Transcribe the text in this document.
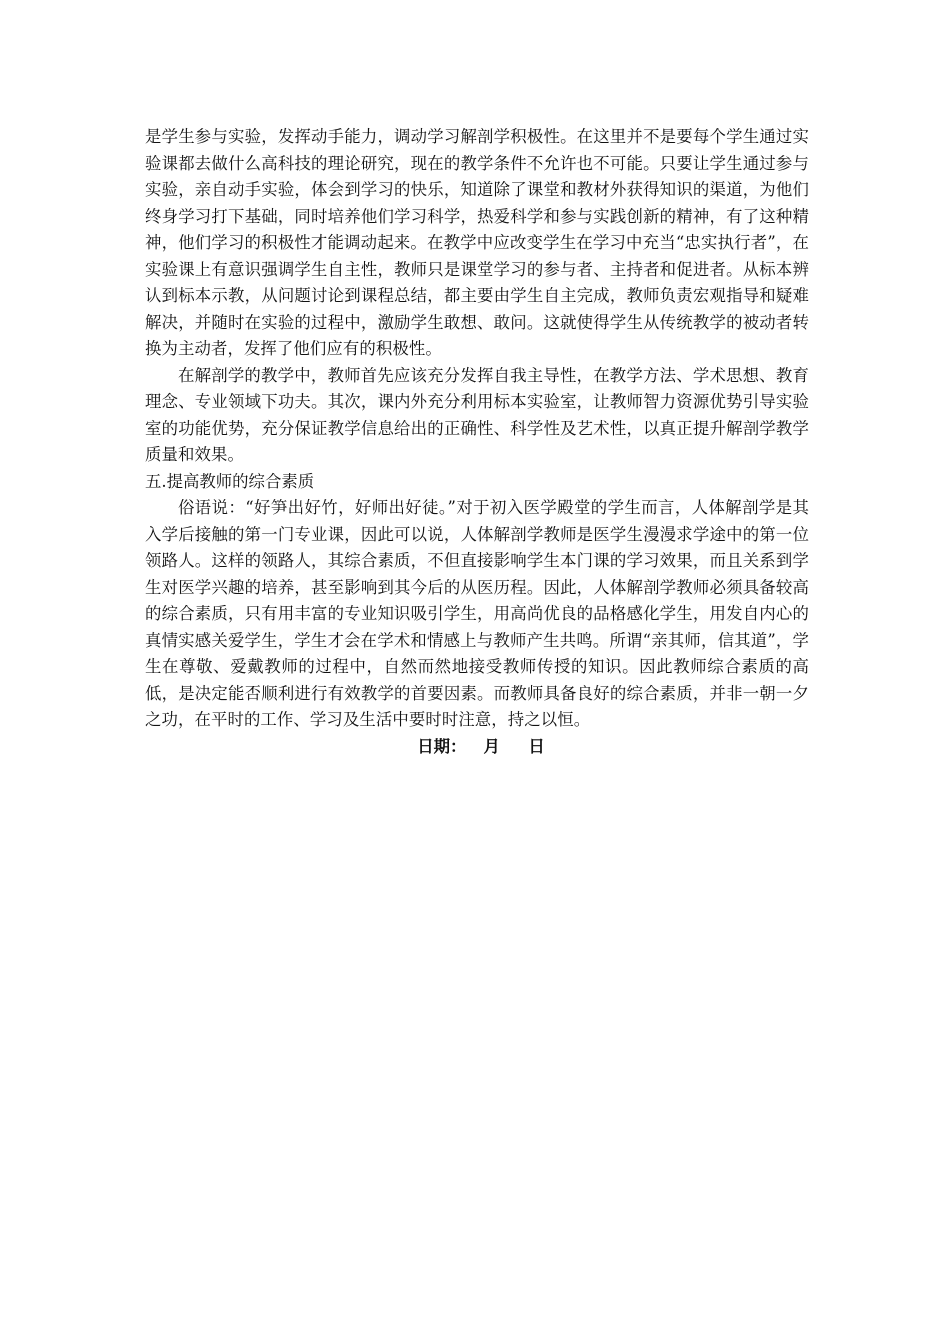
是学生参与实验，发挥动手能力，调动学习解剖学积极性。在这里并不是要每个学生通过实验课都去做什么高科技的理论研究，现在的教学条件不允许也不可能。只要让学生通过参与实验，亲自动手实验，体会到学习的快乐，知道除了课堂和教材外获得知识的渠道，为他们终身学习打下基础，同时培养他们学习科学，热爱科学和参与实践创新的精神，有了这种精神，他们学习的积极性才能调动起来。在教学中应改变学生在学习中充当“忠实执行者”，在实验课上有意识强调学生自主性，教师只是课堂学习的参与者、主持者和促进者。从标本辨认到标本示教，从问题讨论到课程总结，都主要由学生自主完成，教师负责宏观指导和疑难解决，并随时在实验的过程中，激励学生敢想、敢问。这就使得学生从传统教学的被动者转换为主动者，发挥了他们应有的积极性。

在解剖学的教学中，教师首先应该充分发挥自我主导性，在教学方法、学术思想、教育理念、专业领域下功夫。其次，课内外充分利用标本实验室，让教师智力资源优势引导实验室的功能优势，充分保证教学信息给出的正确性、科学性及艺术性，以真正提升解剖学教学质量和效果。

五.提高教师的综合素质

俗语说：“好笋出好竹，好师出好徒。”对于初入医学殿堂的学生而言，人体解剖学是其入学后接触的第一门专业课，因此可以说，人体解剖学教师是医学生漫漫求学途中的第一位领路人。这样的领路人，其综合素质，不但直接影响学生本门课的学习效果，而且关系到学生对医学兴趣的培养，甚至影响到其今后的从医历程。因此，人体解剖学教师必须具备较高的综合素质，只有用丰富的专业知识吸引学生，用高尚优良的品格感化学生，用发自内心的真情实感关爱学生，学生才会在学术和情感上与教师产生共鸣。所谓“亲其师，信其道”，学生在尊敬、爱戴教师的过程中，自然而然地接受教师传授的知识。因此教师综合素质的高低，是决定能否顺利进行有效教学的首要因素。而教师具备良好的综合素质，并非一朝一夕之功，在平时的工作、学习及生活中要时时注意，持之以恒。

日期： 月 日
